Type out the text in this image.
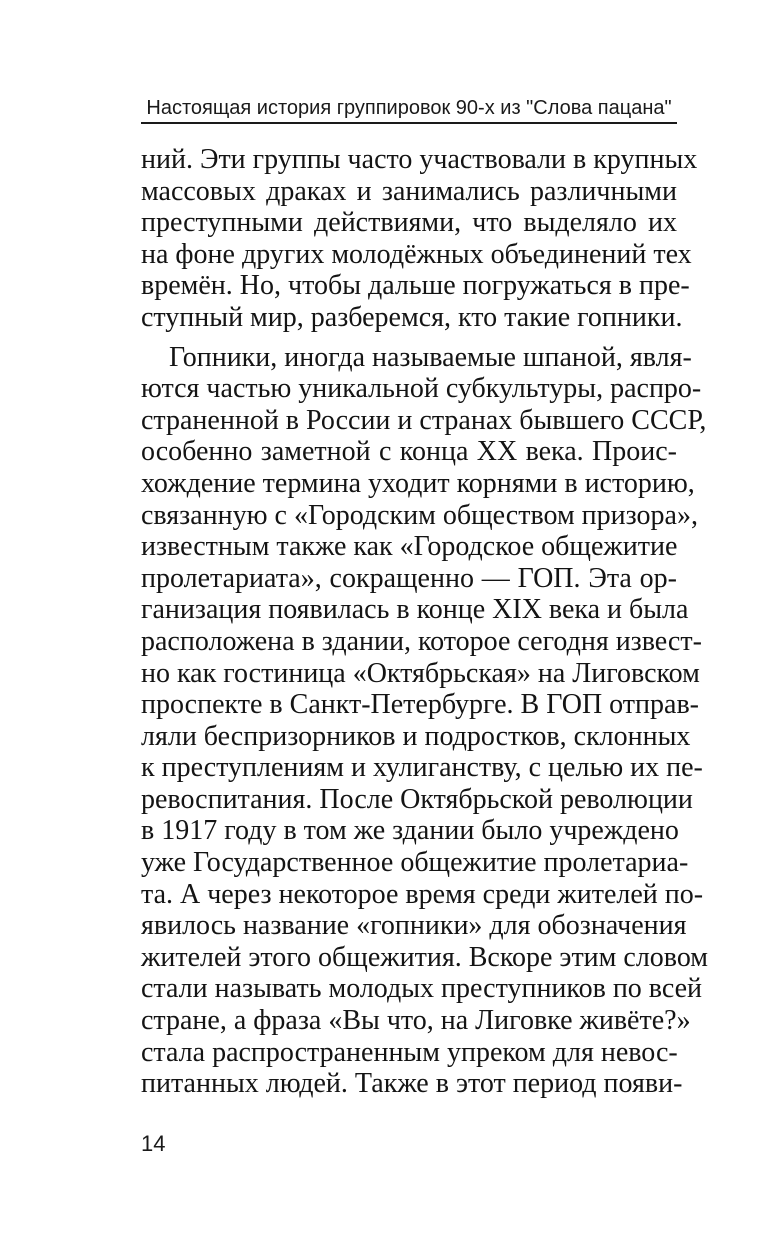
Настоящая история группировок 90-х из "Слова пацана"
ний. Эти группы часто участвовали в крупных
массовых драках и занимались различными
преступными действиями, что выделяло их
на фоне других молодёжных объединений тех
времён. Но, чтобы дальше погружаться в пре-
ступный мир, разберемся, кто такие гопники.
 Гопники, иногда называемые шпаной, явля-
ются частью уникальной субкультуры, распро-
страненной в России и странах бывшего СССР,
особенно заметной с конца XX века. Проис-
хождение термина уходит корнями в историю,
связанную с «Городским обществом призора»,
известным также как «Городское общежитие
пролетариата», сокращенно — ГОП. Эта ор-
ганизация появилась в конце XIX века и была
расположена в здании, которое сегодня извест-
но как гостиница «Октябрьская» на Лиговском
проспекте в Санкт-Петербурге. В ГОП отправ-
ляли беспризорников и подростков, склонных
к преступлениям и хулиганству, с целью их пе-
ревоспитания. После Октябрьской революции
в 1917 году в том же здании было учреждено
уже Государственное общежитие пролетариа-
та. А через некоторое время среди жителей по-
явилось название «гопники» для обозначения
жителей этого общежития. Вскоре этим словом
стали называть молодых преступников по всей
стране, а фраза «Вы что, на Лиговке живёте?»
стала распространенным упреком для невос-
питанных людей. Также в этот период появи-
14
